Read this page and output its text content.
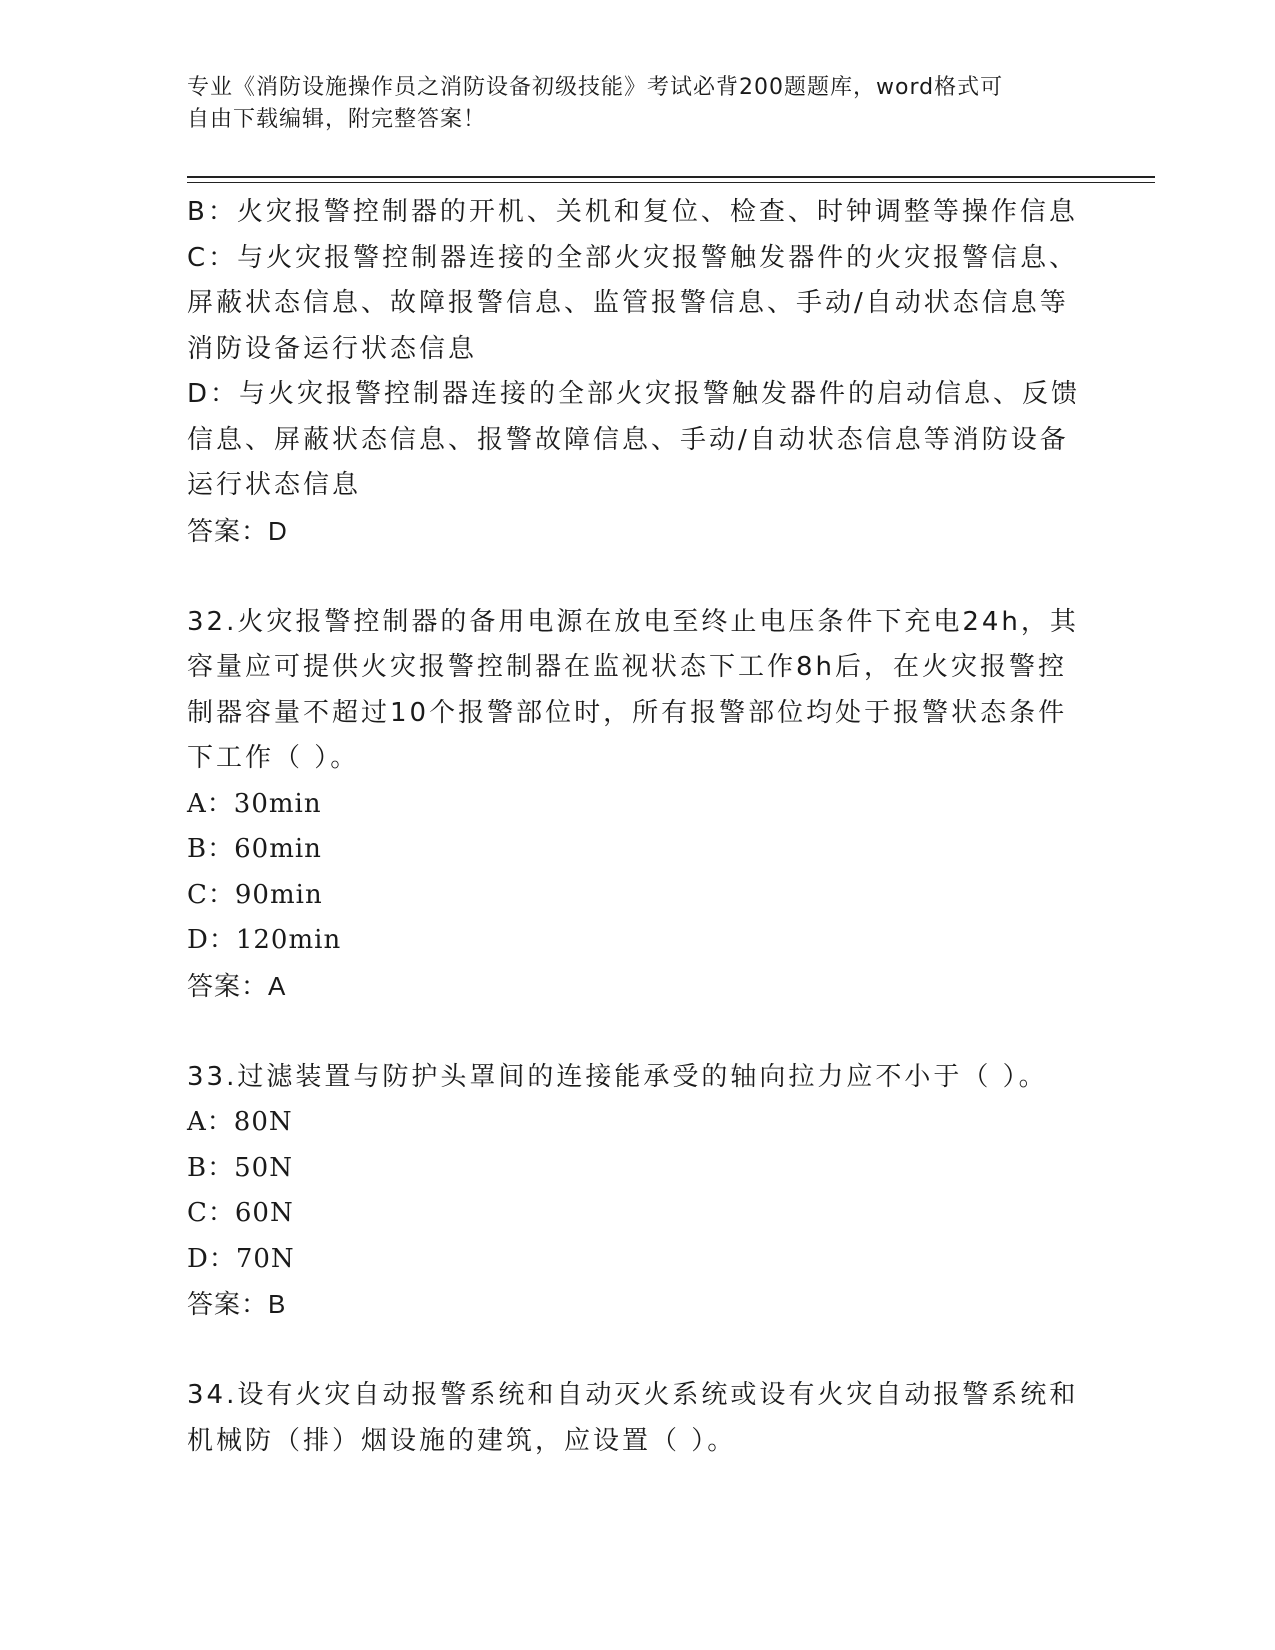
专业《消防设施操作员之消防设备初级技能》考试必背200题题库，word格式可
自由下载编辑，附完整答案！
B：火灾报警控制器的开机、关机和复位、检查、时钟调整等操作信息
C：与火灾报警控制器连接的全部火灾报警触发器件的火灾报警信息、
屏蔽状态信息、故障报警信息、监管报警信息、手动/自动状态信息等
消防设备运行状态信息
D：与火灾报警控制器连接的全部火灾报警触发器件的启动信息、反馈
信息、屏蔽状态信息、报警故障信息、手动/自动状态信息等消防设备
运行状态信息
答案：D
32.火灾报警控制器的备用电源在放电至终止电压条件下充电24h，其
容量应可提供火灾报警控制器在监视状态下工作8h后，在火灾报警控
制器容量不超过10个报警部位时，所有报警部位均处于报警状态条件
下工作（ ）。
A：30min
B：60min
C：90min
D：120min
答案：A
33.过滤装置与防护头罩间的连接能承受的轴向拉力应不小于（ ）。
A：80N
B：50N
C：60N
D：70N
答案：B
34.设有火灾自动报警系统和自动灭火系统或设有火灾自动报警系统和
机械防（排）烟设施的建筑，应设置（ ）。
